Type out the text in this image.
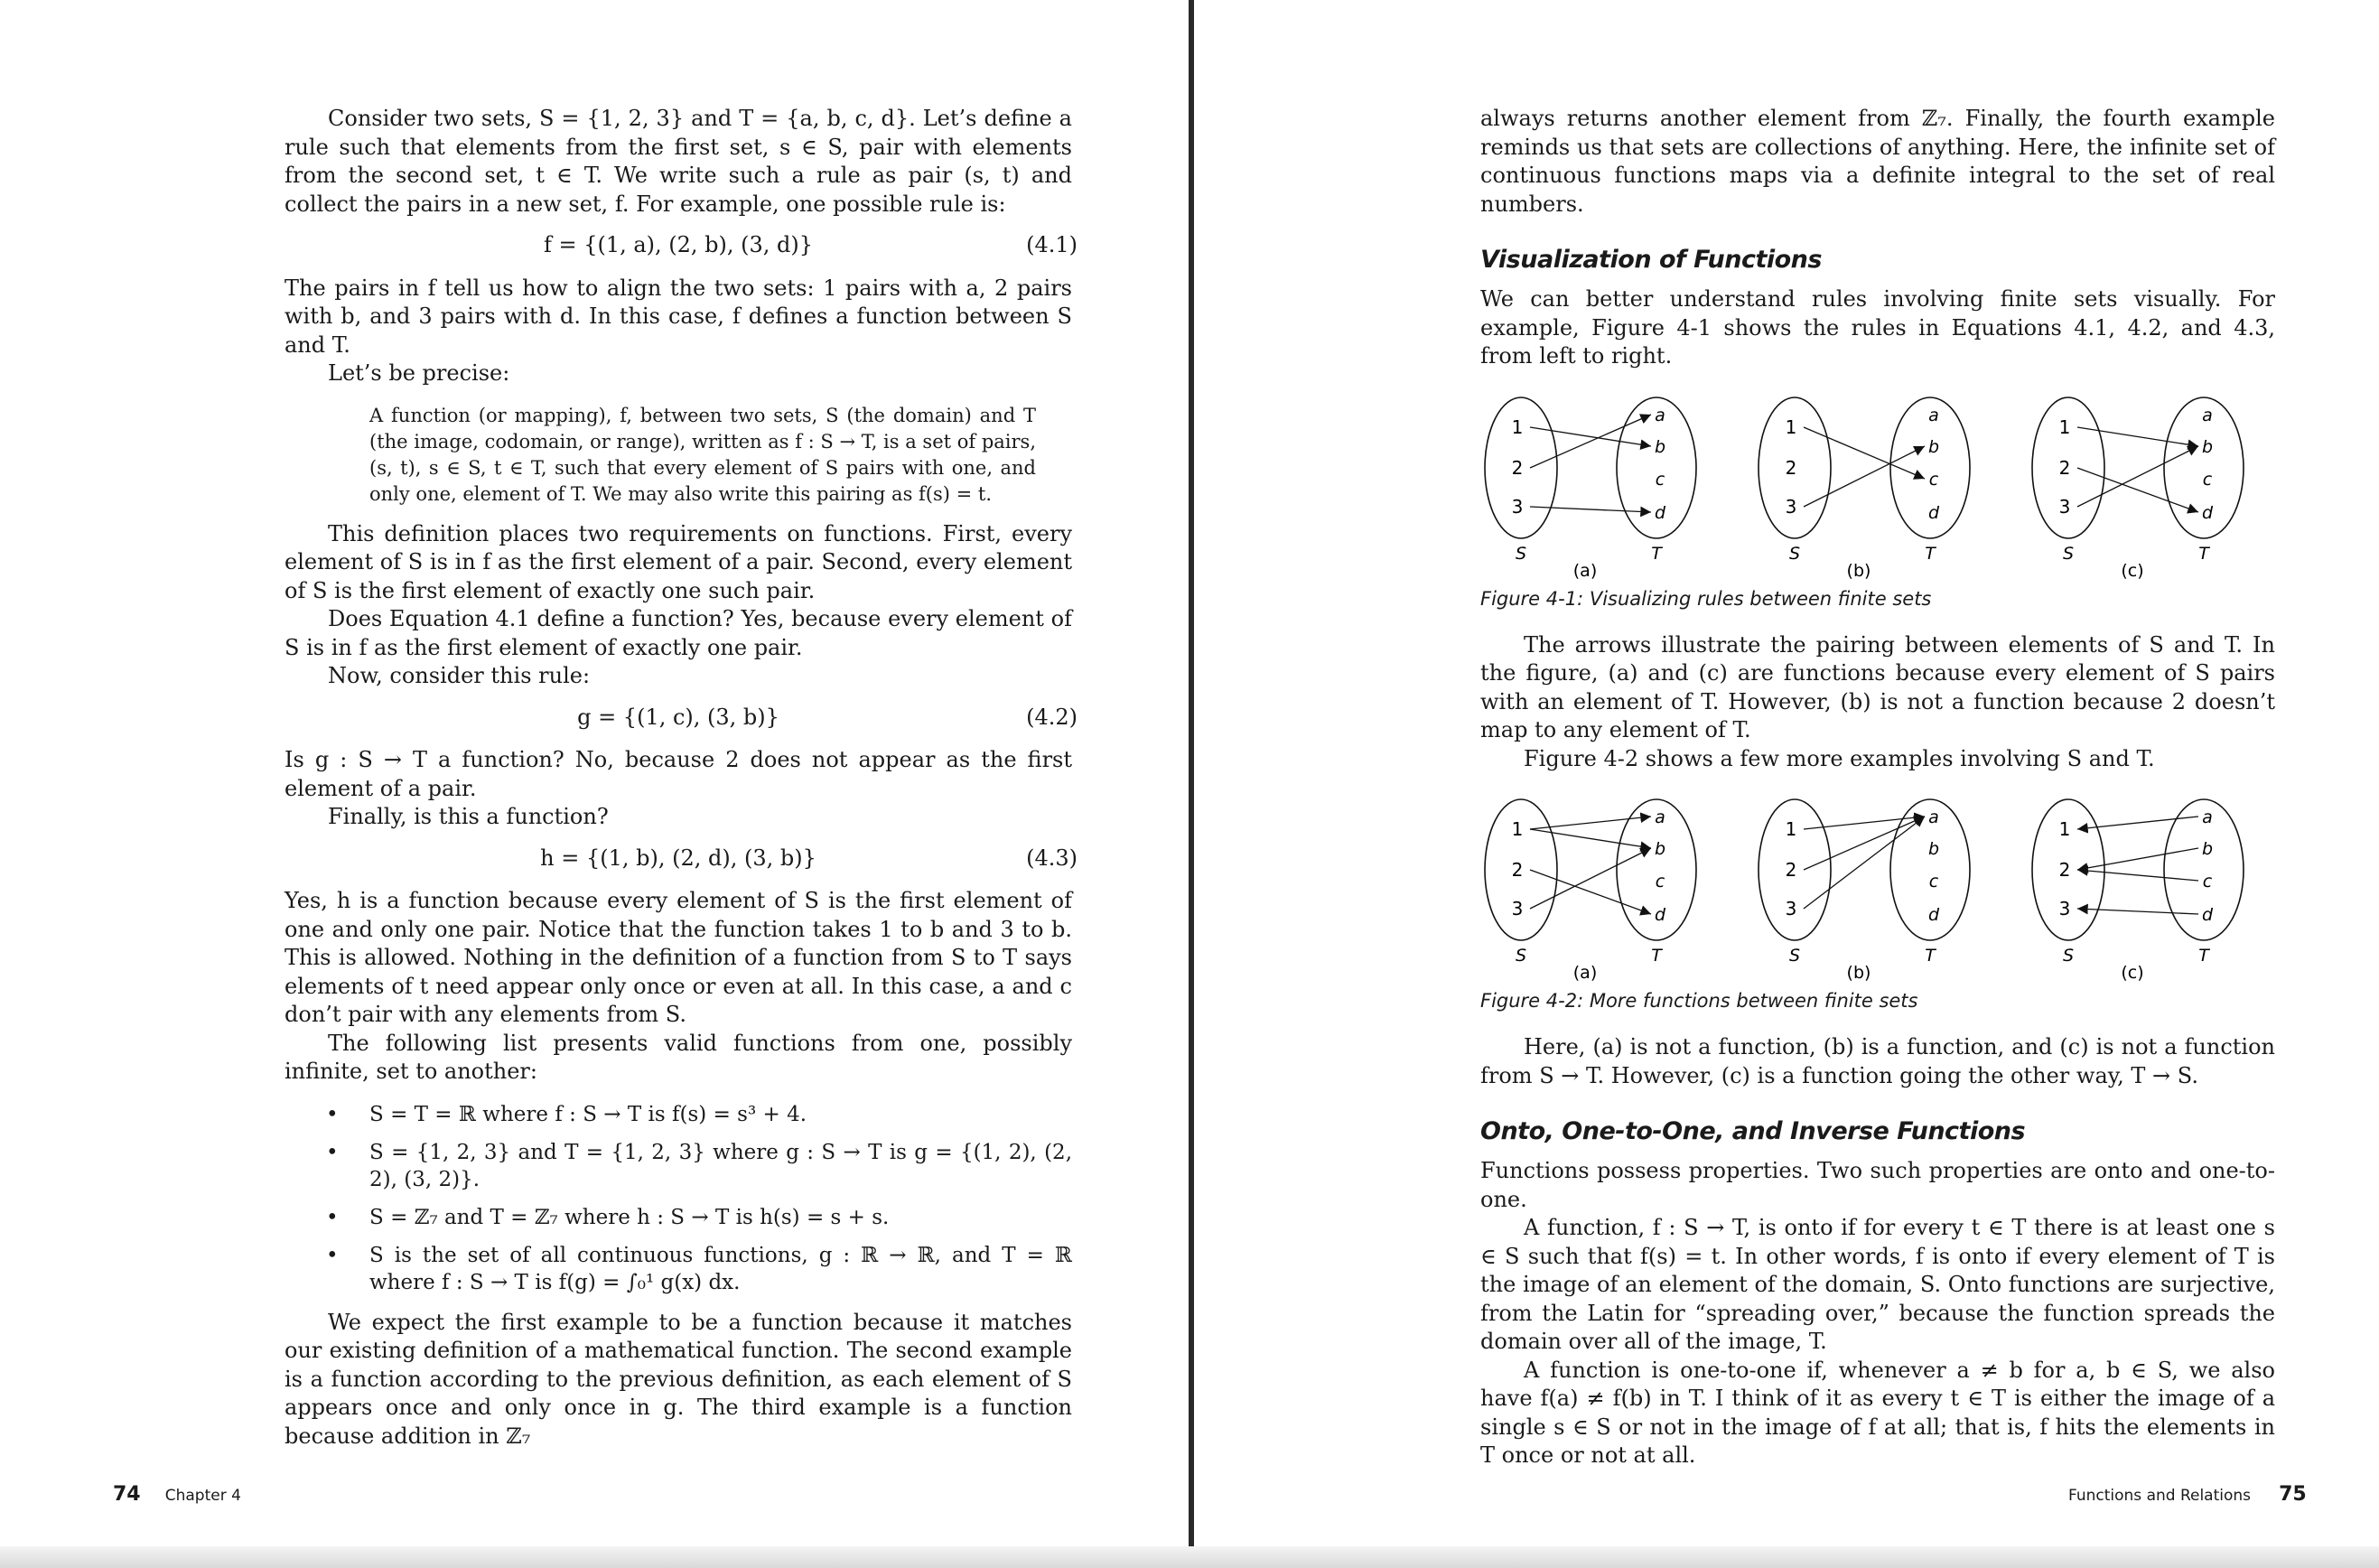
Consider two sets, S = {1, 2, 3} and T = {a, b, c, d}. Let’s define a rule such that elements from the first set, s ∈ S, pair with elements from the second set, t ∈ T. We write such a rule as pair (s, t) and collect the pairs in a new set, f. For example, one possible rule is:

f = {(1, a), (2, b), (3, d)}	(4.1)

The pairs in f tell us how to align the two sets: 1 pairs with a, 2 pairs with b, and 3 pairs with d. In this case, f defines a function between S and T.

Let’s be precise:

A function (or mapping), f, between two sets, S (the domain) and T (the image, codomain, or range), written as f : S → T, is a set of pairs, (s, t), s ∈ S, t ∈ T, such that every element of S pairs with one, and only one, element of T. We may also write this pairing as f(s) = t.

This definition places two requirements on functions. First, every element of S is in f as the first element of a pair. Second, every element of S is the first element of exactly one such pair.

Does Equation 4.1 define a function? Yes, because every element of S is in f as the first element of exactly one pair.

Now, consider this rule:

g = {(1, c), (3, b)}	(4.2)

Is g : S → T a function? No, because 2 does not appear as the first element of a pair.

Finally, is this a function?

h = {(1, b), (2, d), (3, b)}	(4.3)

Yes, h is a function because every element of S is the first element of one and only one pair. Notice that the function takes 1 to b and 3 to b. This is allowed. Nothing in the definition of a function from S to T says elements of t need appear only once or even at all. In this case, a and c don’t pair with any elements from S.

The following list presents valid functions from one, possibly infinite, set to another:

• S = T = ℝ where f : S → T is f(s) = s³ + 4.
• S = {1, 2, 3} and T = {1, 2, 3} where g : S → T is g = {(1, 2), (2, 2), (3, 2)}.
• S = ℤ₇ and T = ℤ₇ where h : S → T is h(s) = s + s.
• S is the set of all continuous functions, g : ℝ → ℝ, and T = ℝ where f : S → T is f(g) = ∫₀¹ g(x) dx.

We expect the first example to be a function because it matches our existing definition of a mathematical function. The second example is a function according to the previous definition, as each element of S appears once and only once in g. The third example is a function because addition in ℤ₇

74 Chapter 4

always returns another element from ℤ₇. Finally, the fourth example reminds us that sets are collections of anything. Here, the infinite set of continuous functions maps via a definite integral to the set of real numbers.

Visualization of Functions

We can better understand rules involving finite sets visually. For example, Figure 4-1 shows the rules in Equations 4.1, 4.2, and 4.3, from left to right.

1
2
3
a
b
c
d
S	T
(a)
1
2
3
a
b
c
d
S	T
(b)
1
2
3
a
b
c
d
S	T
(c)

Figure 4-1: Visualizing rules between finite sets

The arrows illustrate the pairing between elements of S and T. In the figure, (a) and (c) are functions because every element of S pairs with an element of T. However, (b) is not a function because 2 doesn’t map to any element of T.

Figure 4-2 shows a few more examples involving S and T.

1
2
3
a
b
c
d
S	T
(a)
1
2
3
a
b
c
d
S	T
(b)
1
2
3
a
b
c
d
S	T
(c)

Figure 4-2: More functions between finite sets

Here, (a) is not a function, (b) is a function, and (c) is not a function from S → T. However, (c) is a function going the other way, T → S.

Onto, One-to-One, and Inverse Functions

Functions possess properties. Two such properties are onto and one-to-one.

A function, f : S → T, is onto if for every t ∈ T there is at least one s ∈ S such that f(s) = t. In other words, f is onto if every element of T is the image of an element of the domain, S. Onto functions are surjective, from the Latin for “spreading over,” because the function spreads the domain over all of the image, T.

A function is one-to-one if, whenever a ≠ b for a, b ∈ S, we also have f(a) ≠ f(b) in T. I think of it as every t ∈ T is either the image of a single s ∈ S or not in the image of f at all; that is, f hits the elements in T once or not at all.

Functions and Relations 75
